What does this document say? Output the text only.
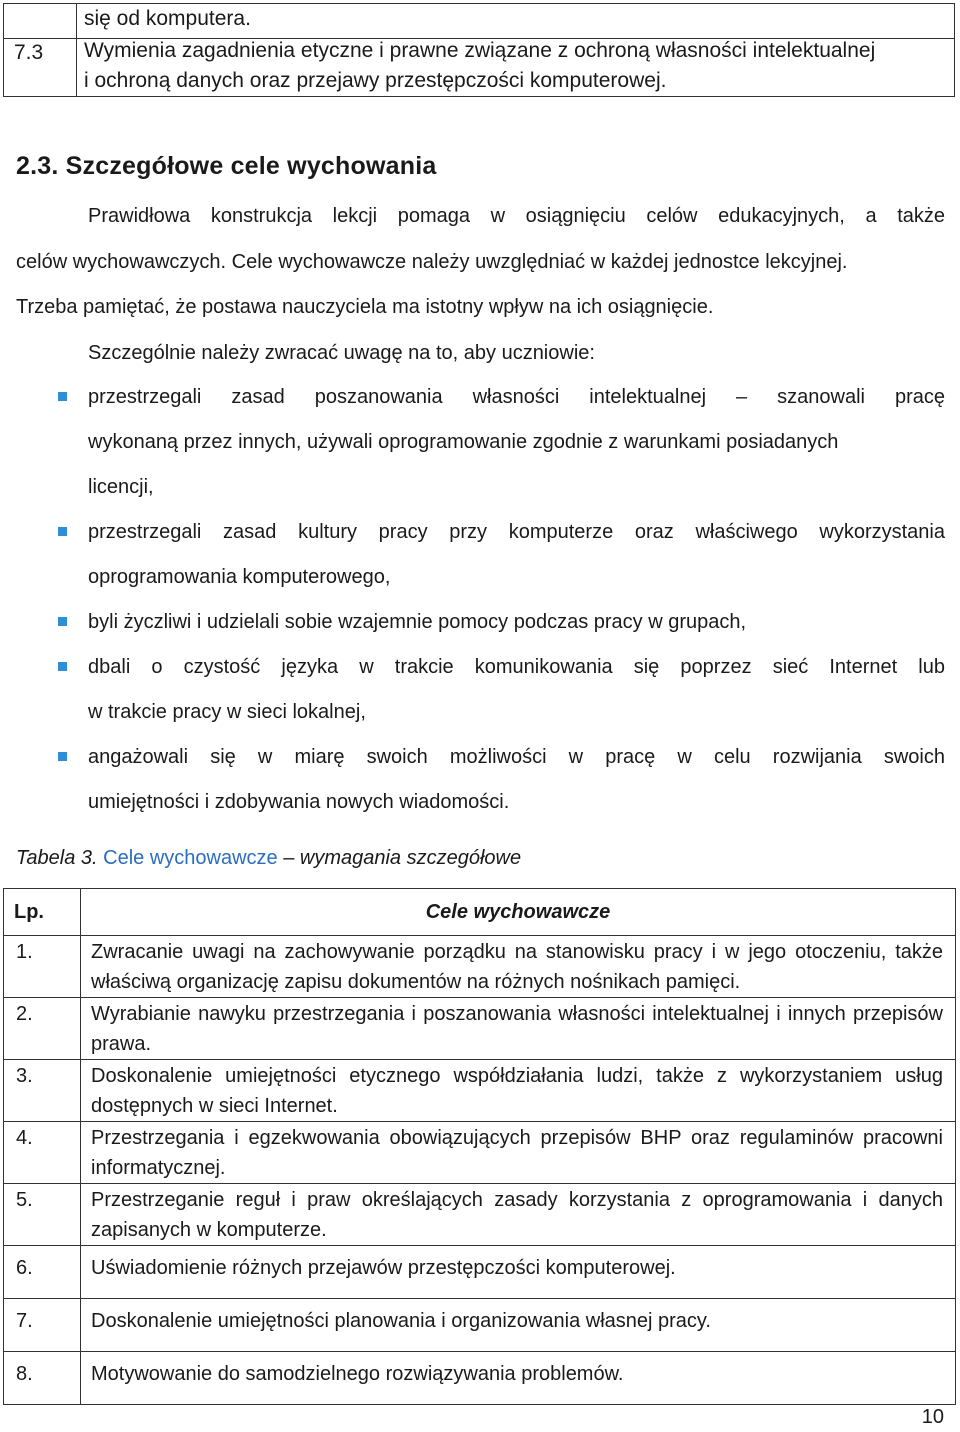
się od komputera.
7.3 Wymienia zagadnienia etyczne i prawne związane z ochroną własności intelektualnej
i ochroną danych oraz przejawy przestępczości komputerowej.
2.3. Szczegółowe cele wychowania
Prawidłowa konstrukcja lekcji pomaga w osiągnięciu celów edukacyjnych, a także
celów wychowawczych. Cele wychowawcze należy uwzględniać w każdej jednostce lekcyjnej.
Trzeba pamiętać, że postawa nauczyciela ma istotny wpływ na ich osiągnięcie.
Szczególnie należy zwracać uwagę na to, aby uczniowie:
przestrzegali zasad poszanowania własności intelektualnej – szanowali pracę
wykonaną przez innych, używali oprogramowanie zgodnie z warunkami posiadanych
licencji,
przestrzegali zasad kultury pracy przy komputerze oraz właściwego wykorzystania
oprogramowania komputerowego,
byli życzliwi i udzielali sobie wzajemnie pomocy podczas pracy w grupach,
dbali o czystość języka w trakcie komunikowania się poprzez sieć Internet lub
w trakcie pracy w sieci lokalnej,
angażowali się w miarę swoich możliwości w pracę w celu rozwijania swoich
umiejętności i zdobywania nowych wiadomości.
Tabela 3. Cele wychowawcze – wymagania szczegółowe
Lp.	Cele wychowawcze
1.	Zwracanie uwagi na zachowywanie porządku na stanowisku pracy i w jego otoczeniu, także właściwą organizację zapisu dokumentów na różnych nośnikach pamięci.
2.	Wyrabianie nawyku przestrzegania i poszanowania własności intelektualnej i innych przepisów prawa.
3.	Doskonalenie umiejętności etycznego współdziałania ludzi, także z wykorzystaniem usług dostępnych w sieci Internet.
4.	Przestrzegania i egzekwowania obowiązujących przepisów BHP oraz regulaminów pracowni informatycznej.
5.	Przestrzeganie reguł i praw określających zasady korzystania z oprogramowania i danych zapisanych w komputerze.
6.	Uświadomienie różnych przejawów przestępczości komputerowej.
7.	Doskonalenie umiejętności planowania i organizowania własnej pracy.
8.	Motywowanie do samodzielnego rozwiązywania problemów.
10
